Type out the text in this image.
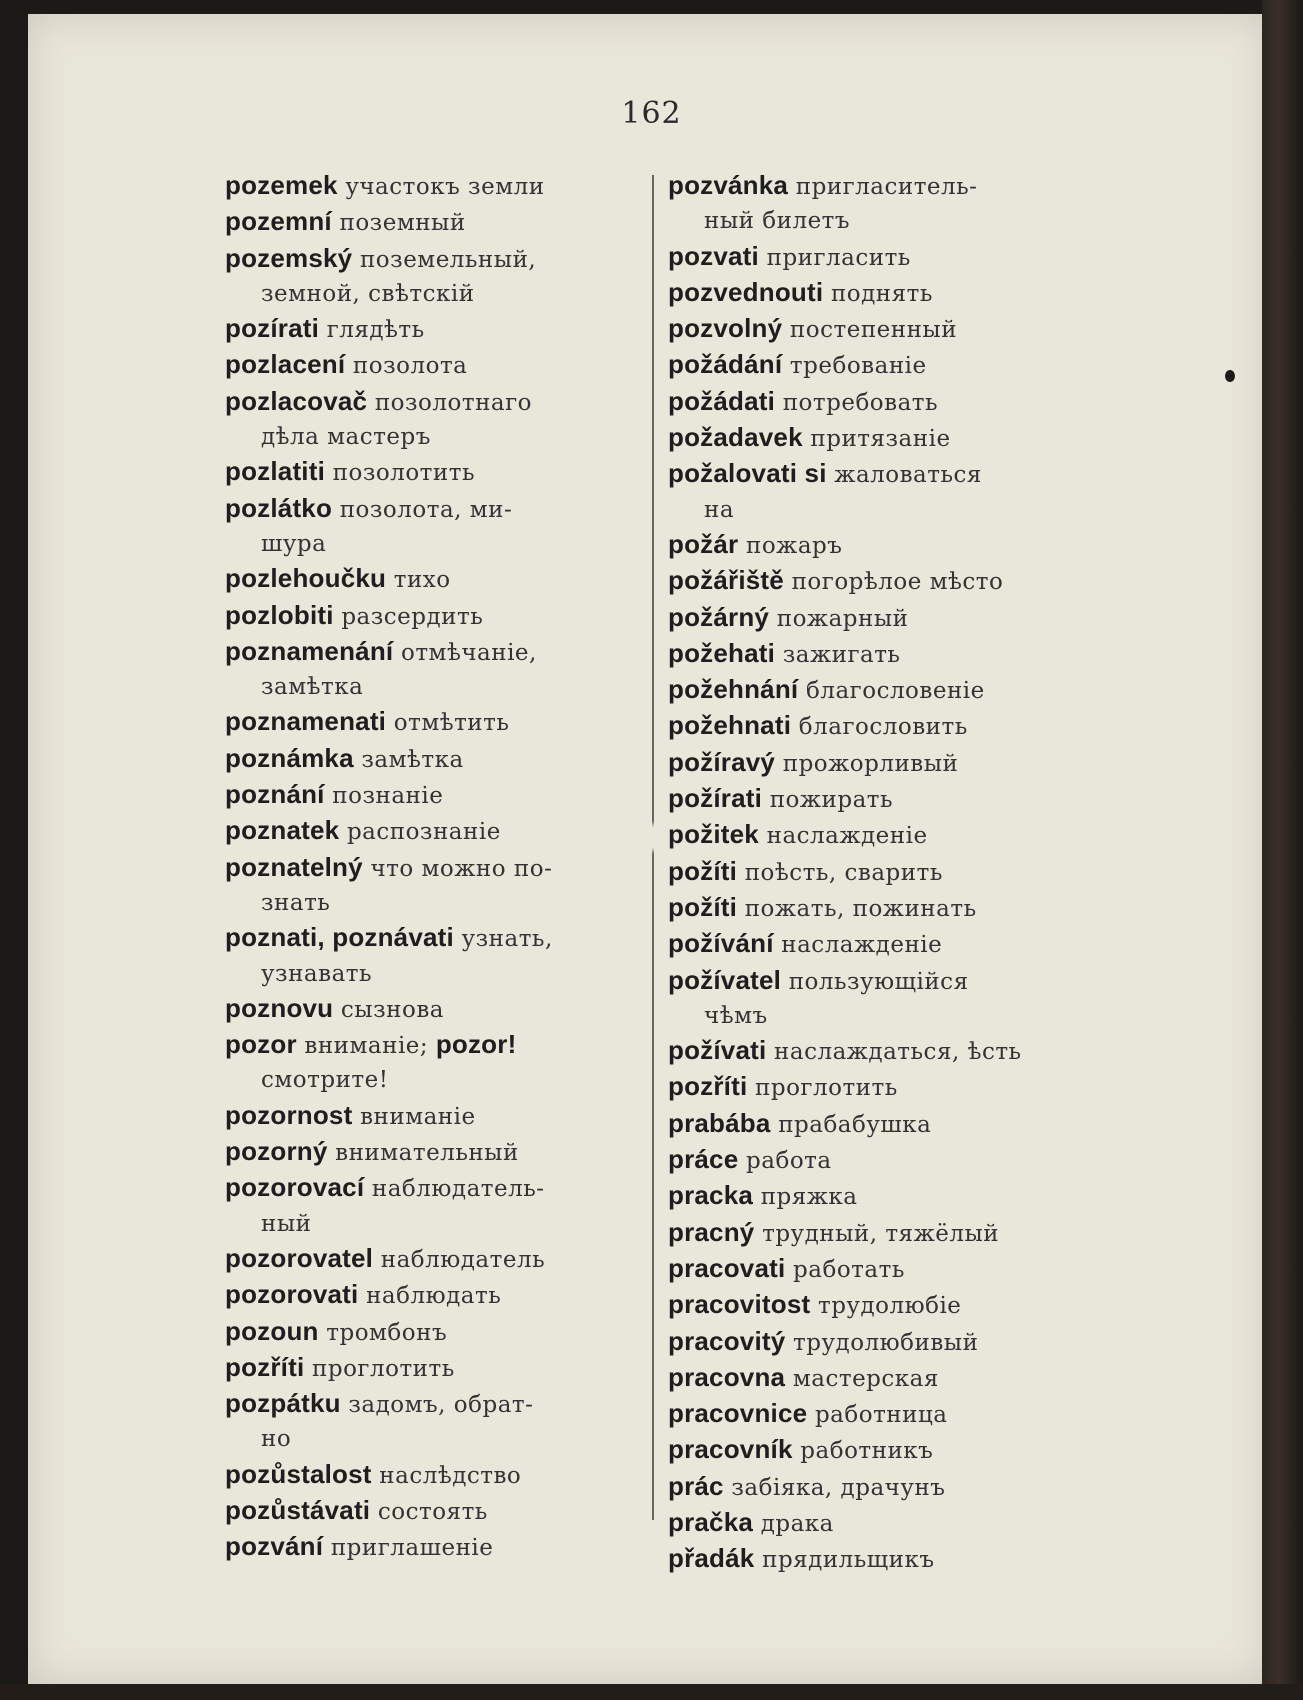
162
pozemek участокъ земли
pozemní поземный
pozemský поземельный,
земной, свѣтскій
pozírati глядѣть
pozlacení позолота
pozlacovač позолотнаго
дѣла мастеръ
pozlatiti позолотить
pozlátko позолота, ми-
шура
pozlehoučku тихо
pozlobiti разсердить
poznamenání отмѣчаніе,
замѣтка
poznamenati отмѣтить
poznámka замѣтка
poznání познаніе
poznatek распознаніе
poznatelný что можно по-
знать
poznati, poznávati узнать,
узнавать
poznovu сызнова
pozor вниманіе; pozor!
смотрите!
pozornost вниманіе
pozorný внимательный
pozorovací наблюдатель-
ный
pozorovatel наблюдатель
pozorovati наблюдать
pozoun тромбонъ
pozříti проглотить
pozpátku задомъ, обрат-
но
pozůstalost наслѣдство
pozůstávati состоять
pozvání приглашеніе
pozvánka пригласитель-
ный билетъ
pozvati пригласить
pozvednouti поднять
pozvolný постепенный
požádání требованіе
požádati потребовать
požadavek притязаніе
požalovati si жаловаться
на
požár пожаръ
požářiště погорѣлое мѣсто
požárný пожарный
požehati зажигать
požehnání благословеніе
požehnati благословить
požíravý прожорливый
požírati пожирать
požitek наслажденіе
požíti поѣсть, сварить
požíti пожать, пожинать
požívání наслажденіе
požívatel пользующійся
чѣмъ
požívati наслаждаться, ѣсть
pozříti проглотить
prabába прабабушка
práce работа
pracka пряжка
pracný трудный, тяжёлый
pracovati работать
pracovitost трудолюбіе
pracovitý трудолюбивый
pracovna мастерская
pracovnice работница
pracovník работникъ
prác забіяка, драчунъ
pračka драка
přadák прядильщикъ
